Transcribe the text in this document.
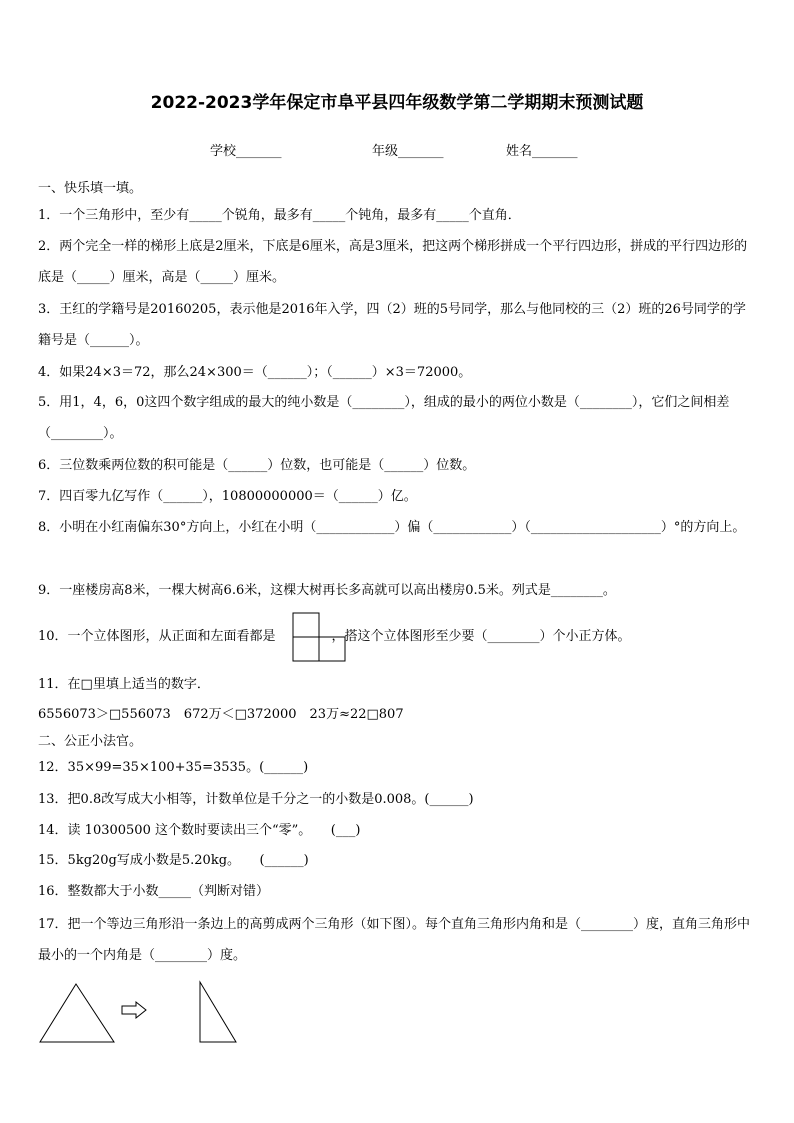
2022-2023学年保定市阜平县四年级数学第二学期期末预测试题
学校_______	年级_______	姓名_______
一、快乐填一填。
1．一个三角形中，至少有_____个锐角，最多有_____个钝角，最多有_____个直角．
2．两个完全一样的梯形上底是2厘米，下底是6厘米，高是3厘米，把这两个梯形拼成一个平行四边形，拼成的平行四边形的底是（_____）厘米，高是（_____）厘米。
3．王红的学籍号是20160205，表示他是2016年入学，四（2）班的5号同学，那么与他同校的三（2）班的26号同学的学籍号是（______）。
4．如果24×3＝72，那么24×300＝（______）；（______）×3＝72000。
5．用1，4，6，0这四个数字组成的最大的纯小数是（________），组成的最小的两位小数是（________），它们之间相差（________）。
6．三位数乘两位数的积可能是（______）位数，也可能是（______）位数。
7．四百零九亿写作（______），10800000000＝（______）亿。
8．小明在小红南偏东30°方向上，小红在小明（____________）偏（____________）（____________________）°的方向上。
9．一座楼房高8米，一棵大树高6.6米，这棵大树再长多高就可以高出楼房0.5米。列式是________。
10．一个立体图形，从正面和左面看都是	，搭这个立体图形至少要（________）个小正方体。
11．在□里填上适当的数字．
6556073＞□556073　672万＜□372000　23万≈22□807
二、公正小法官。
12．35×99=35×100+35=3535。(______)
13．把0.8改写成大小相等，计数单位是千分之一的小数是0.008。(______)
14．读 10300500 这个数时要读出三个“零”。　　(___)
15．5kg20g写成小数是5.20kg。　　(______)
16．整数都大于小数_____（判断对错）
17．把一个等边三角形沿一条边上的高剪成两个三角形（如下图）。每个直角三角形内角和是（________）度，直角三角形中最小的一个内角是（________）度。
